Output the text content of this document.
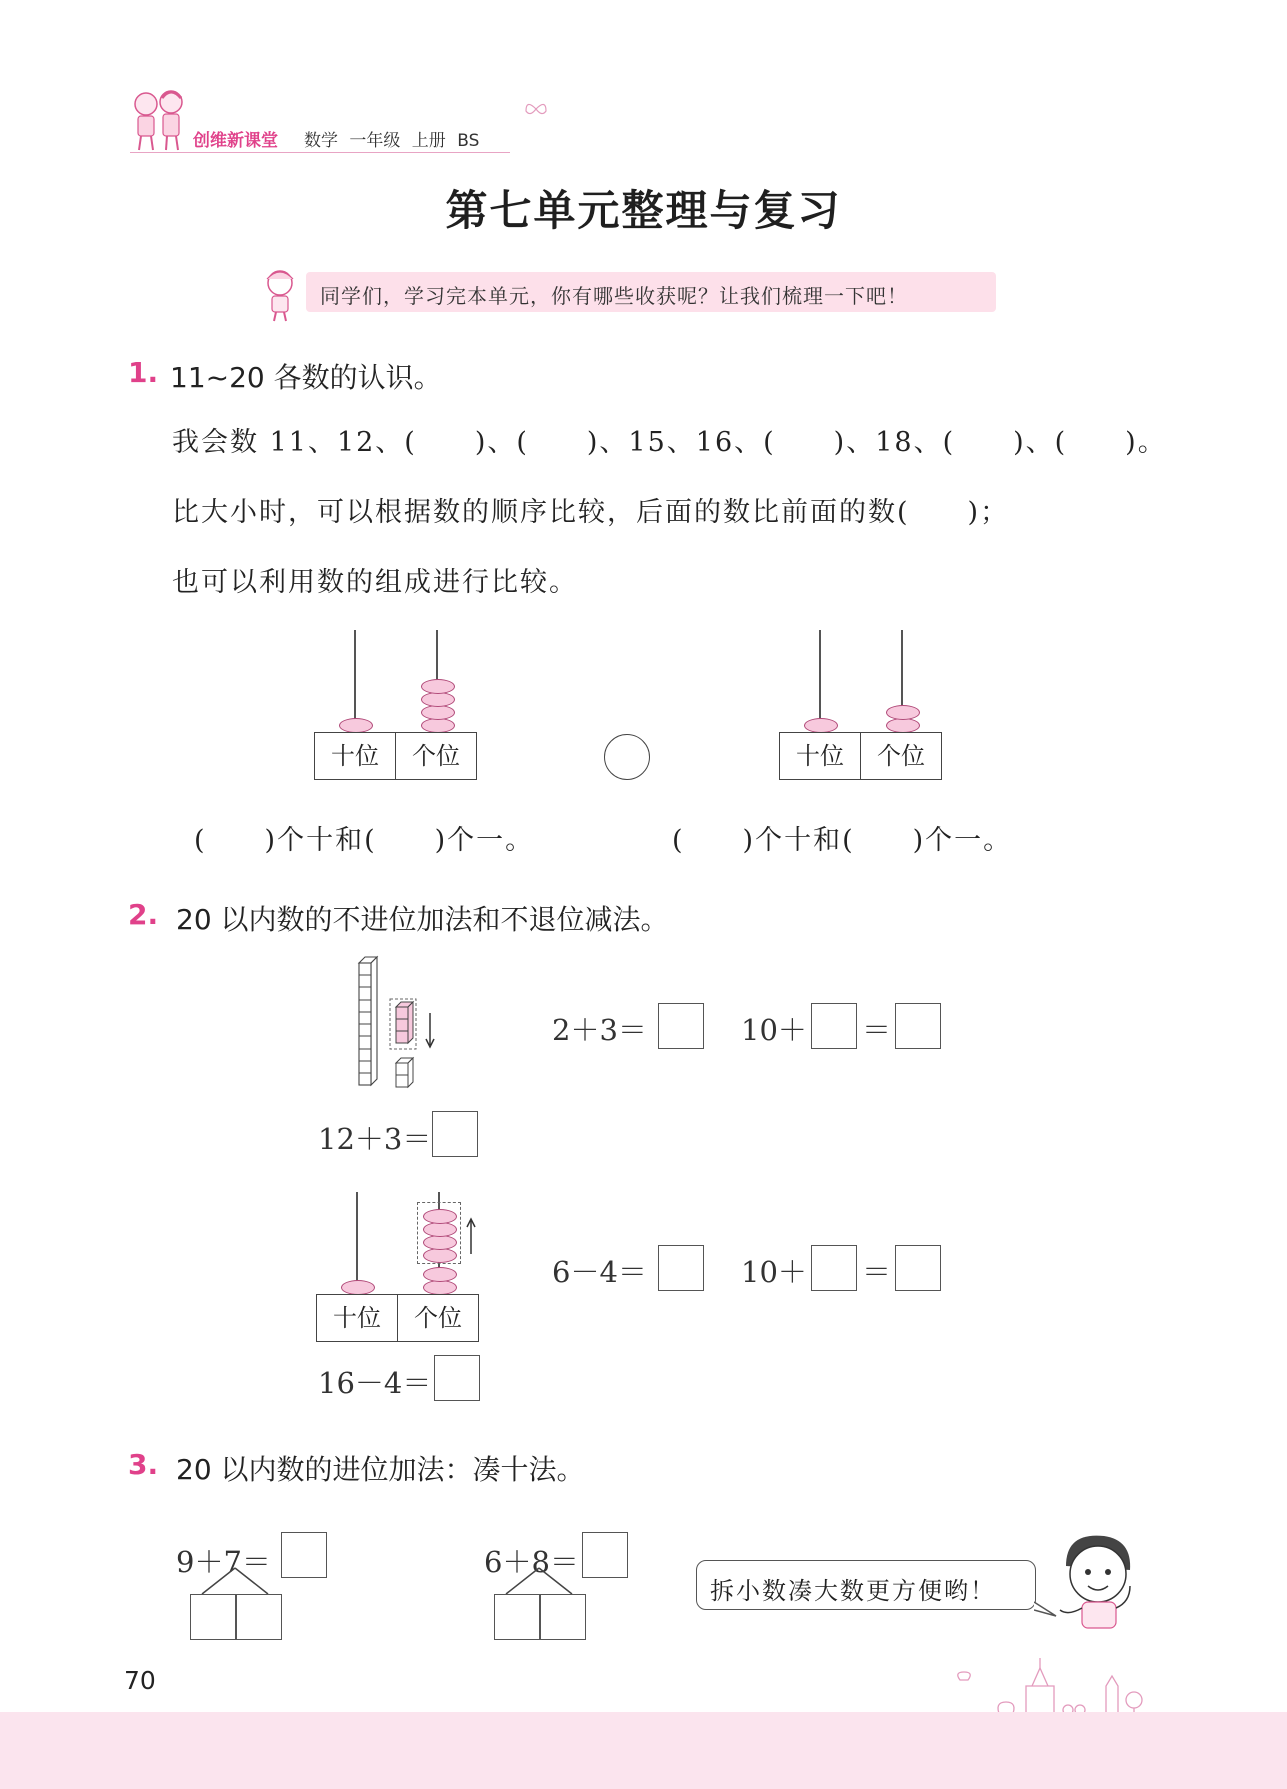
创维新课堂 数学 一年级 上册 BS
第七单元整理与复习
同学们，学习完本单元，你有哪些收获呢？让我们梳理一下吧！
1. 11~20 各数的认识。
我会数 11、12、(　　)、(　　)、15、16、(　　)、18、(　　)、(　　)。
比大小时，可以根据数的顺序比较，后面的数比前面的数(　　)；
也可以利用数的组成进行比较。
十位	个位	十位	个位
(　　)个十和(　　)个一。	(　　)个十和(　　)个一。
2. 20 以内数的不进位加法和不退位减法。
12＋3＝
2＋3＝	10＋ ＝
十位	个位
16－4＝
6－4＝	10＋ ＝
3. 20 以内数的进位加法：凑十法。
9＋7＝	6＋8＝
拆小数凑大数更方便哟！
70
